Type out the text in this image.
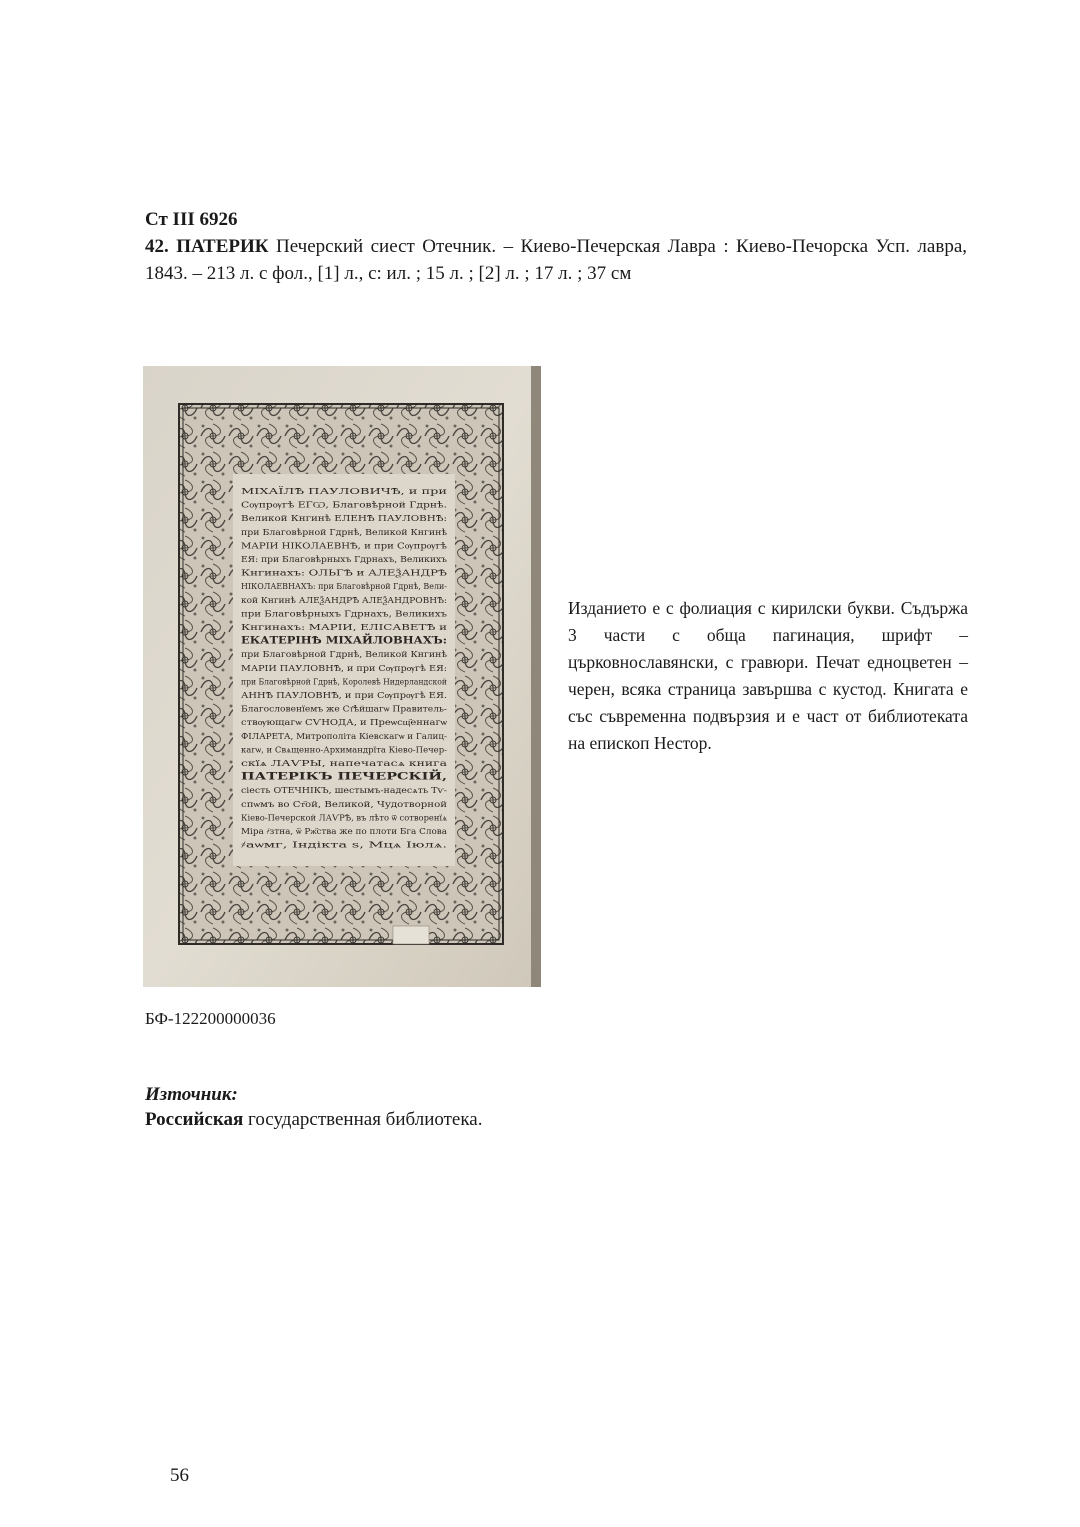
Ст III 6926
42. ПАТЕРИК Печерский сиест Отечник. – Киево-Печерская Лавра : Киево-Печорска Усп. лавра, 1843. – 213 л. с фол., [1] л., с: ил. ; 15 л. ; [2] л. ; 17 л. ; 37 см
МІХАЇЛѢ ПАУЛОВИЧѢ, и при
Сѹпрѹгѣ ЕГѠ, Благовѣрной Гдрнѣ.
Великой Кнгинѣ ЕЛЕНѢ ПАУЛОВНѢ:
при Благовѣрной Гдрнѣ, Великой Кнгинѣ
МАРІИ НІКОЛАЕВНѢ, и при Сѹпрѹгѣ
ЕЯ: при Благовѣрныхъ Гдрнахъ, Великихъ
Кнгинахъ: ОЛЬГѢ и АЛЕѮАНДРѢ
НІКОЛАЕВНАХЪ: при Благовѣрной Гдрнѣ, Вели-
кой Кнгинѣ АЛЕѮАНДРѢ АЛЕѮАНДРОВНѢ:
при Благовѣрныхъ Гдрнахъ, Великихъ
Кнгинахъ: МАРІИ, ЕЛІСАВЕТѢ и
ЕКАТЕРІНѢ МІХАЙЛОВНАХЪ:
при Благовѣрной Гдрнѣ, Великой Кнгинѣ
МАРІИ ПАУЛОВНѢ, и при Сѹпрѹгѣ ЕЯ:
при Благовѣрной Гдрнѣ, Королевѣ Нидерландской
АННѢ ПАУЛОВНѢ, и при Сѹпрѹгѣ ЕЯ.
Благословенїемъ же Ст҃ѣйшагѡ Правитель-
ствѹющагѡ СѴНОДА, и Преѡсщ҃еннагѡ
ФІЛАРЕТА, Митрополіта Кіевскагѡ и Галиц-
кагѡ, и Свѧщенно-Архимандрїта Кіево-Печер-
скїѧ ЛАѴРЫ, напечатасѧ книга
ПАТЕРІКЪ ПЕЧЕРСКІЙ,
сіесть ОТЕЧНІКЪ, шестымъ-надесѧть Тѵ-
спѡмъ во Ст҃ой, Великой, Чудотворной
Кіево-Печерской ЛАѴРѢ, въ лѣто ѿ сотворенїѧ
Міра ҂зтна, ѿ Рж҃ства же по плоти Бга Слова
҂аѡмг, Індікта ѕ, Мцѧ Іюлѧ.

Изданието е с фолиация с кирилски букви. Съдържа 3 части с обща пагинация, шрифт – църковнославянски, с гравюри. Печат едноцветен – черен, всяка страница завършва с кустод. Книгата е със съвременна подвързия и е част от библиотеката на епископ Нестор.

БФ-122200000036
Източник:
Российская государственная библиотека.
56
